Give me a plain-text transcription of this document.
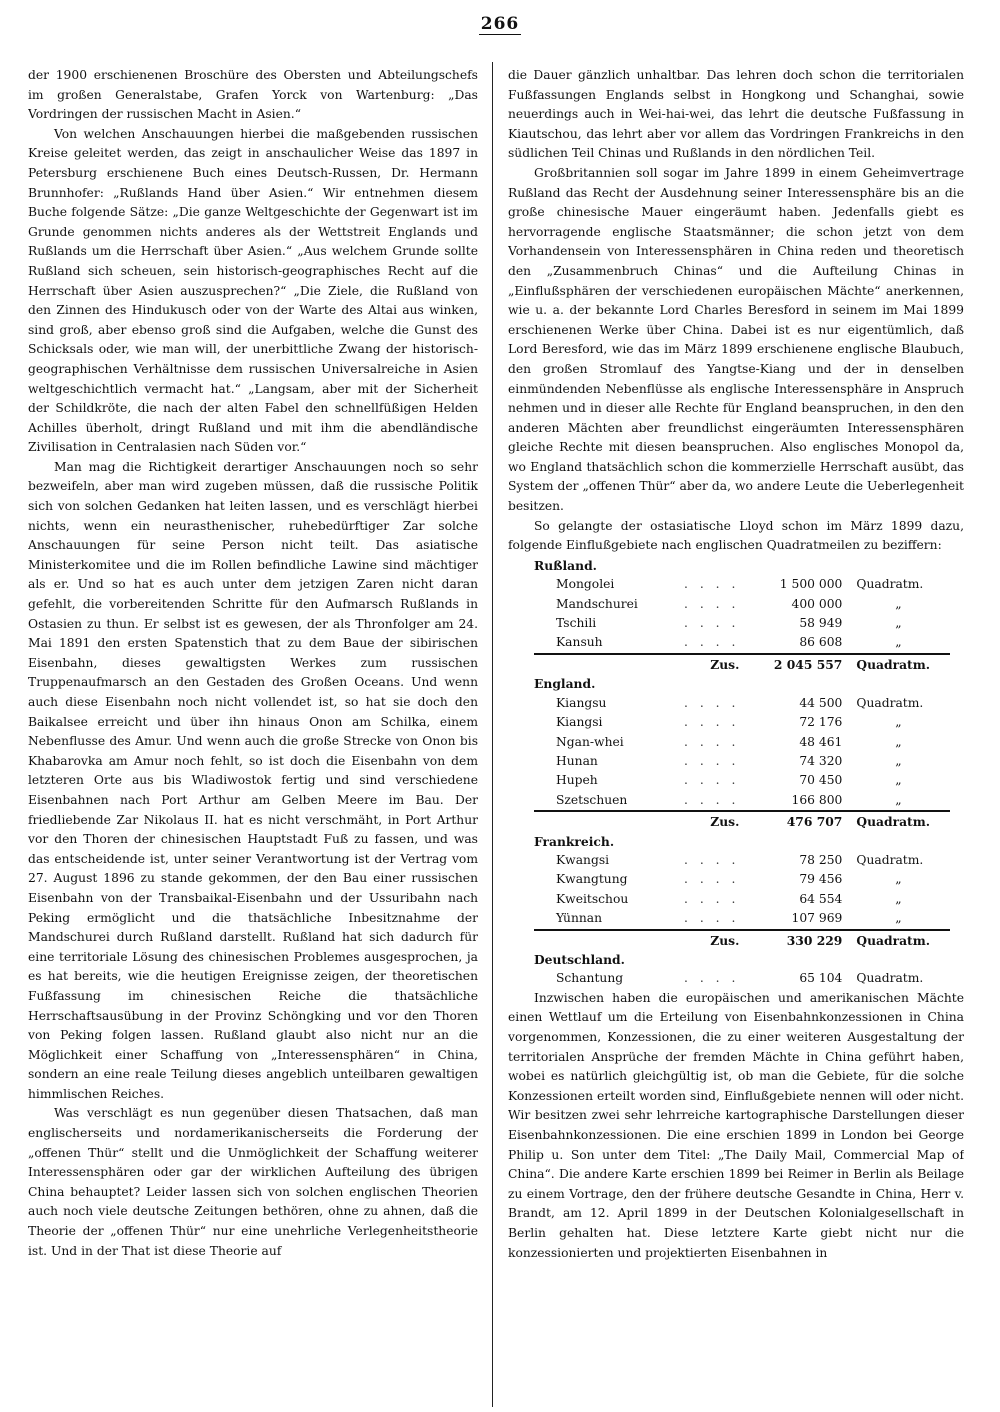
266

der 1900 erschienenen Broschüre des Obersten und Abteilungschefs im großen Generalstabe, Grafen Yorck von Wartenburg: „Das Vordringen der russischen Macht in Asien.“

Von welchen Anschauungen hierbei die maßgebenden russischen Kreise geleitet werden, das zeigt in anschaulicher Weise das 1897 in Petersburg erschienene Buch eines Deutsch-Russen, Dr. Hermann Brunnhofer: „Rußlands Hand über Asien.“ Wir entnehmen diesem Buche folgende Sätze: „Die ganze Weltgeschichte der Gegenwart ist im Grunde genommen nichts anderes als der Wettstreit Englands und Rußlands um die Herrschaft über Asien.“ „Aus welchem Grunde sollte Rußland sich scheuen, sein historisch-geographisches Recht auf die Herrschaft über Asien auszusprechen?“ „Die Ziele, die Rußland von den Zinnen des Hindukusch oder von der Warte des Altai aus winken, sind groß, aber ebenso groß sind die Aufgaben, welche die Gunst des Schicksals oder, wie man will, der unerbittliche Zwang der historisch-geographischen Verhältnisse dem russischen Universalreiche in Asien weltgeschichtlich vermacht hat.“ „Langsam, aber mit der Sicherheit der Schildkröte, die nach der alten Fabel den schnellfüßigen Helden Achilles überholt, dringt Rußland und mit ihm die abendländische Zivilisation in Centralasien nach Süden vor.“

Man mag die Richtigkeit derartiger Anschauungen noch so sehr bezweifeln, aber man wird zugeben müssen, daß die russische Politik sich von solchen Gedanken hat leiten lassen, und es verschlägt hierbei nichts, wenn ein neurasthenischer, ruhebedürftiger Zar solche Anschauungen für seine Person nicht teilt. Das asiatische Ministerkomitee und die im Rollen befindliche Lawine sind mächtiger als er. Und so hat es auch unter dem jetzigen Zaren nicht daran gefehlt, die vorbereitenden Schritte für den Aufmarsch Rußlands in Ostasien zu thun. Er selbst ist es gewesen, der als Thronfolger am 24. Mai 1891 den ersten Spatenstich that zu dem Baue der sibirischen Eisenbahn, dieses gewaltigsten Werkes zum russischen Truppenaufmarsch an den Gestaden des Großen Oceans. Und wenn auch diese Eisenbahn noch nicht vollendet ist, so hat sie doch den Baikalsee erreicht und über ihn hinaus Onon am Schilka, einem Nebenflusse des Amur. Und wenn auch die große Strecke von Onon bis Khabarovka am Amur noch fehlt, so ist doch die Eisenbahn von dem letzteren Orte aus bis Wladiwostok fertig und sind verschiedene Eisenbahnen nach Port Arthur am Gelben Meere im Bau. Der friedliebende Zar Nikolaus II. hat es nicht verschmäht, in Port Arthur vor den Thoren der chinesischen Hauptstadt Fuß zu fassen, und was das entscheidende ist, unter seiner Verantwortung ist der Vertrag vom 27. August 1896 zu stande gekommen, der den Bau einer russischen Eisenbahn von der Transbaikal-Eisenbahn und der Ussuribahn nach Peking ermöglicht und die thatsächliche Inbesitznahme der Mandschurei durch Rußland darstellt. Rußland hat sich dadurch für eine territoriale Lösung des chinesischen Problemes ausgesprochen, ja es hat bereits, wie die heutigen Ereignisse zeigen, der theoretischen Fußfassung im chinesischen Reiche die thatsächliche Herrschaftsausübung in der Provinz Schöngking und vor den Thoren von Peking folgen lassen. Rußland glaubt also nicht nur an die Möglichkeit einer Schaffung von „Interessensphären“ in China, sondern an eine reale Teilung dieses angeblich unteilbaren gewaltigen himmlischen Reiches.

Was verschlägt es nun gegenüber diesen Thatsachen, daß man englischerseits und nordamerikanischerseits die Forderung der „offenen Thür“ stellt und die Unmöglichkeit der Schaffung weiterer Interessensphären oder gar der wirklichen Aufteilung des übrigen China behauptet? Leider lassen sich von solchen englischen Theorien auch noch viele deutsche Zeitungen bethören, ohne zu ahnen, daß die Theorie der „offenen Thür“ nur eine unehrliche Verlegenheitstheorie ist. Und in der That ist diese Theorie auf

die Dauer gänzlich unhaltbar. Das lehren doch schon die territorialen Fußfassungen Englands selbst in Hongkong und Schanghai, sowie neuerdings auch in Wei-hai-wei, das lehrt die deutsche Fußfassung in Kiautschou, das lehrt aber vor allem das Vordringen Frankreichs in den südlichen Teil Chinas und Rußlands in den nördlichen Teil.

Großbritannien soll sogar im Jahre 1899 in einem Geheimvertrage Rußland das Recht der Ausdehnung seiner Interessensphäre bis an die große chinesische Mauer eingeräumt haben. Jedenfalls giebt es hervorragende englische Staatsmänner; die schon jetzt von dem Vorhandensein von Interessensphären in China reden und theoretisch den „Zusammenbruch Chinas“ und die Aufteilung Chinas in „Einflußsphären der verschiedenen europäischen Mächte“ anerkennen, wie u. a. der bekannte Lord Charles Beresford in seinem im Mai 1899 erschienenen Werke über China. Dabei ist es nur eigentümlich, daß Lord Beresford, wie das im März 1899 erschienene englische Blaubuch, den großen Stromlauf des Yangtse-Kiang und der in denselben einmündenden Nebenflüsse als englische Interessensphäre in Anspruch nehmen und in dieser alle Rechte für England beanspruchen, in den den anderen Mächten aber freundlichst eingeräumten Interessensphären gleiche Rechte mit diesen beanspruchen. Also englisches Monopol da, wo England thatsächlich schon die kommerzielle Herrschaft ausübt, das System der „offenen Thür“ aber da, wo andere Leute die Ueberlegenheit besitzen.

So gelangte der ostasiatische Lloyd schon im März 1899 dazu, folgende Einflußgebiete nach englischen Quadratmeilen zu beziffern:

Rußland.			
Mongolei	. . . .	1 500 000	Quadratm.
Mandschurei	. . . .	400 000	„
Tschili	. . . .	58 949	„
Kansuh	. . . .	86 608	„
Zus.		2 045 557	Quadratm.
England.			
Kiangsu	. . . .	44 500	Quadratm.
Kiangsi	. . . .	72 176	„
Ngan-whei	. . . .	48 461	„
Hunan	. . . .	74 320	„
Hupeh	. . . .	70 450	„
Szetschuen	. . . .	166 800	„
Zus.		476 707	Quadratm.
Frankreich.			
Kwangsi	. . . .	78 250	Quadratm.
Kwangtung	. . . .	79 456	„
Kweitschou	. . . .	64 554	„
Yünnan	. . . .	107 969	„
Zus.		330 229	Quadratm.
Deutschland.			
Schantung	. . . .	65 104	Quadratm.

Inzwischen haben die europäischen und amerikanischen Mächte einen Wettlauf um die Erteilung von Eisenbahnkonzessionen in China vorgenommen, Konzessionen, die zu einer weiteren Ausgestaltung der territorialen Ansprüche der fremden Mächte in China geführt haben, wobei es natürlich gleichgültig ist, ob man die Gebiete, für die solche Konzessionen erteilt worden sind, Einflußgebiete nennen will oder nicht. Wir besitzen zwei sehr lehrreiche kartographische Darstellungen dieser Eisenbahnkonzessionen. Die eine erschien 1899 in London bei George Philip u. Son unter dem Titel: „The Daily Mail, Commercial Map of China“. Die andere Karte erschien 1899 bei Reimer in Berlin als Beilage zu einem Vortrage, den der frühere deutsche Gesandte in China, Herr v. Brandt, am 12. April 1899 in der Deutschen Kolonialgesellschaft in Berlin gehalten hat. Diese letztere Karte giebt nicht nur die konzessionierten und projektierten Eisenbahnen in
